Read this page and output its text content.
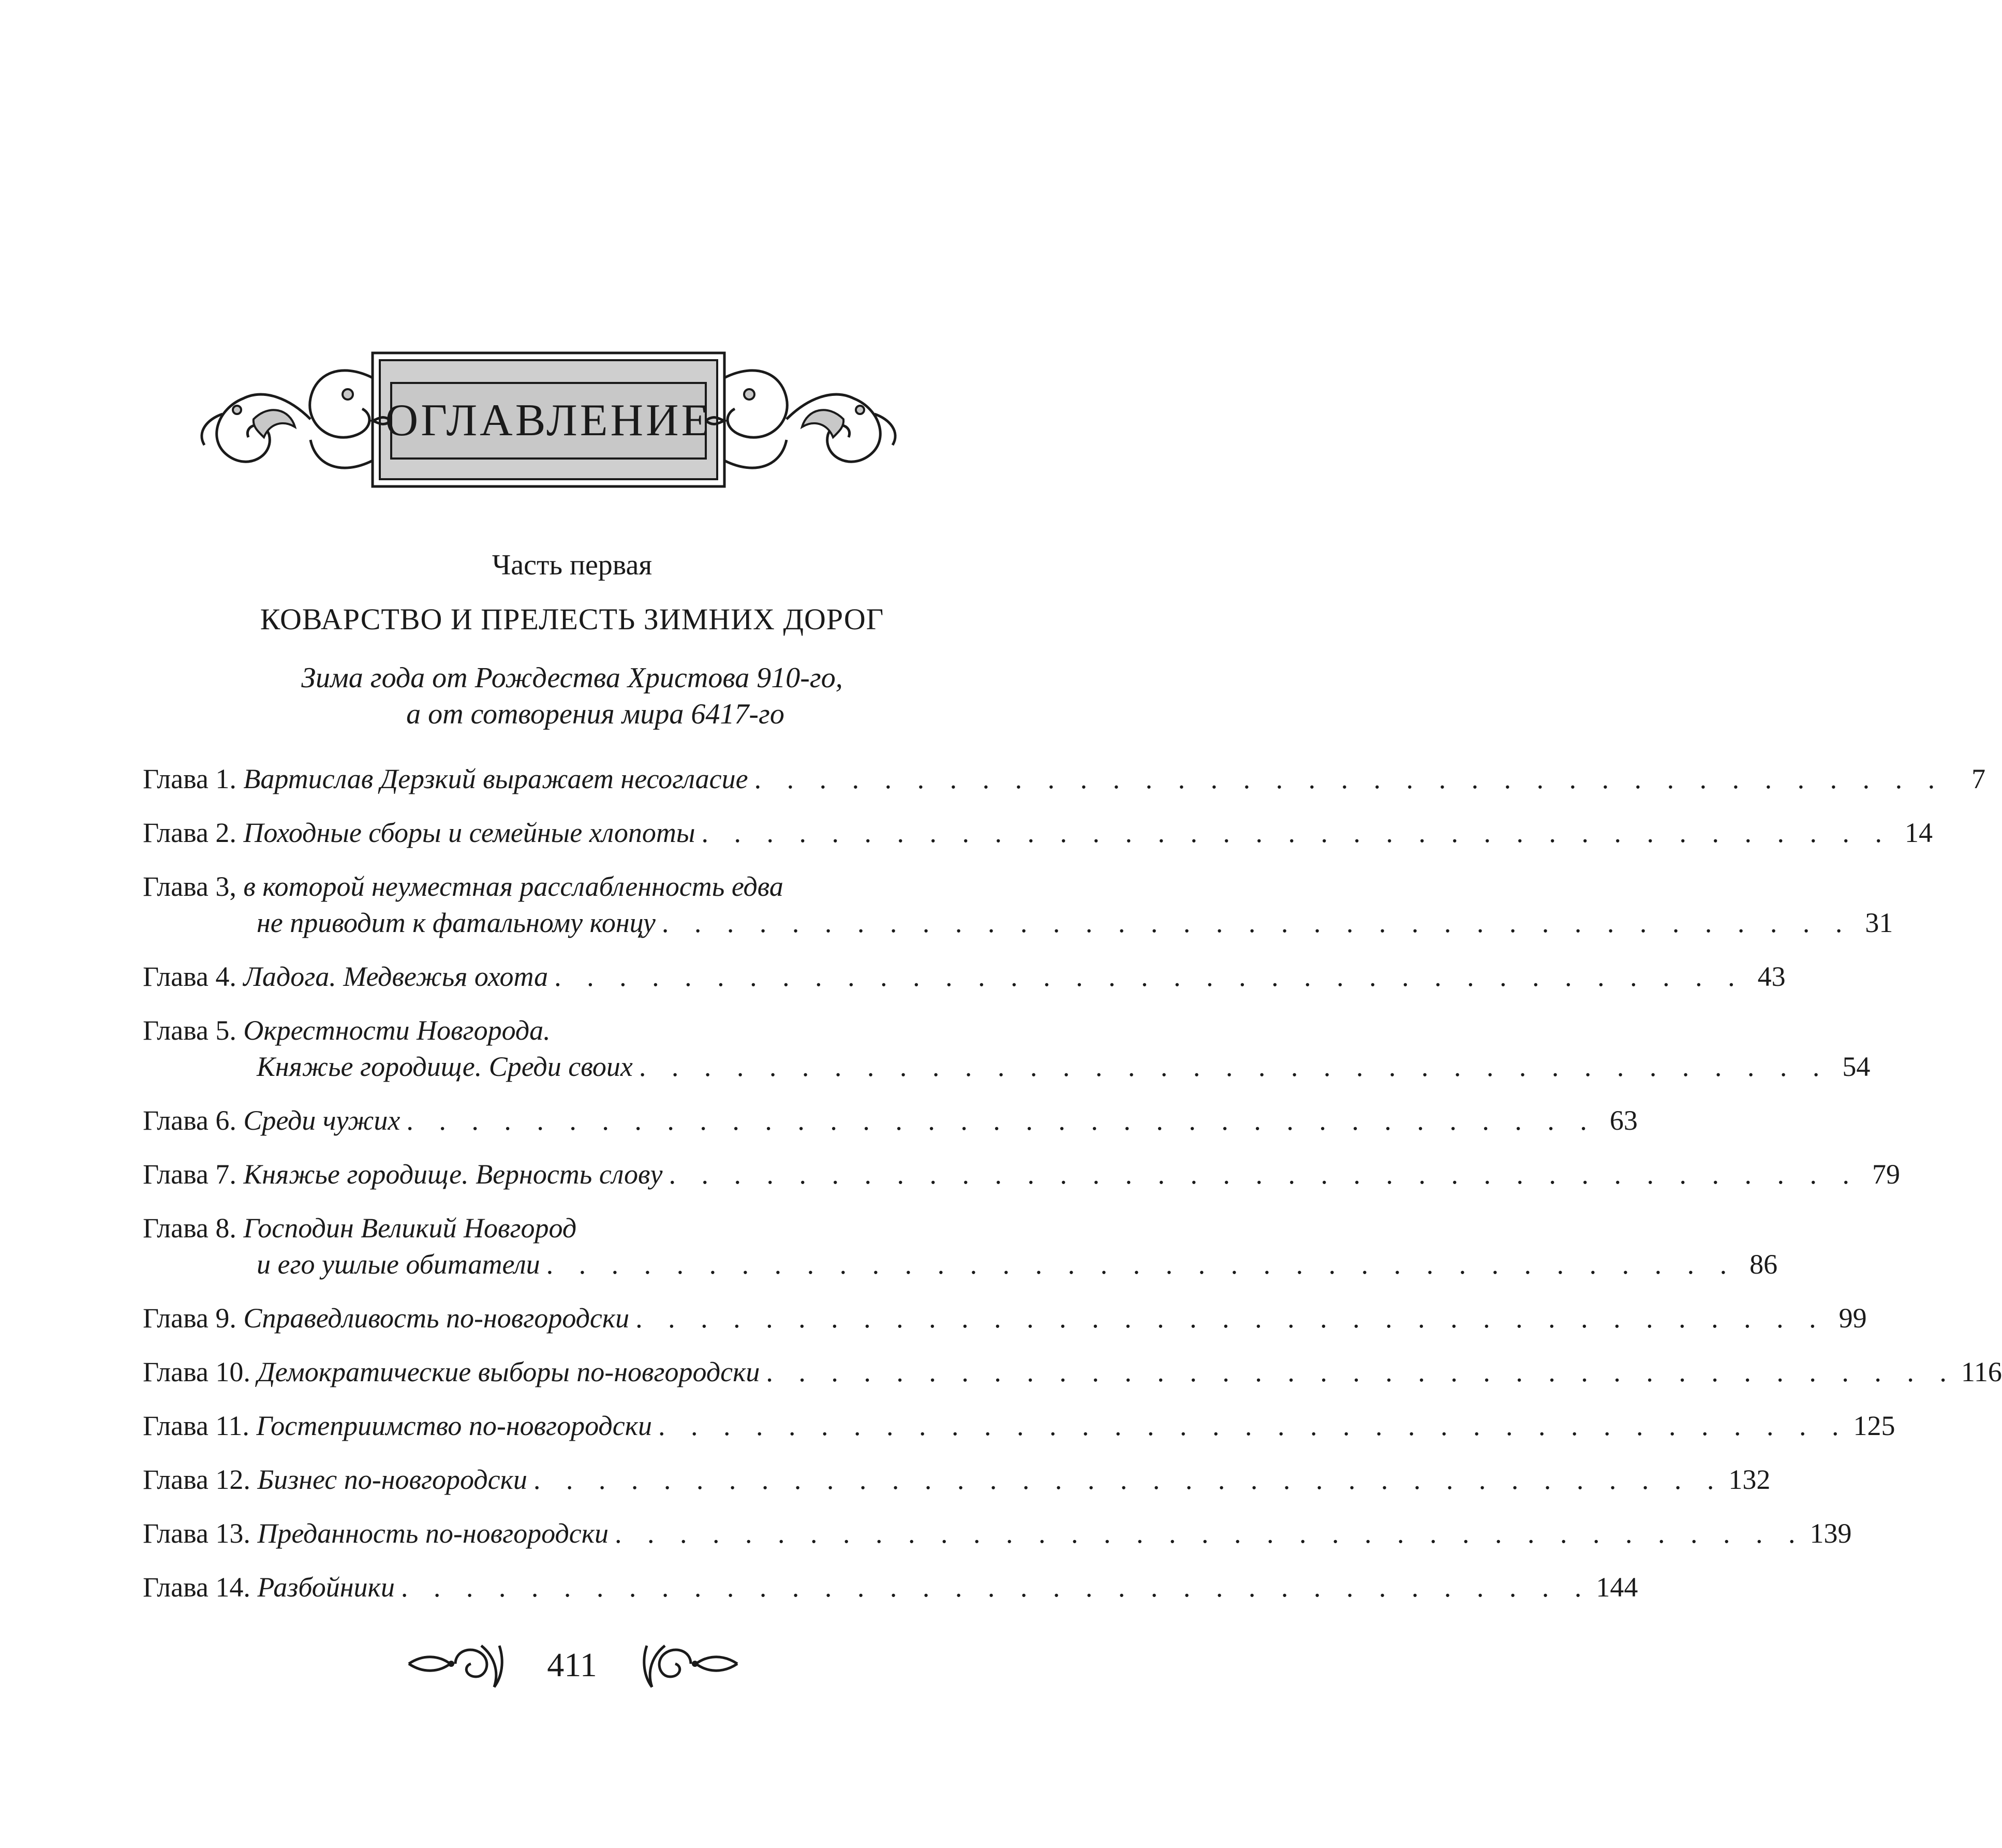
ОГЛАВЛЕНИЕ
Часть первая
КОВАРСТВО И ПРЕЛЕСТЬ ЗИМНИХ ДОРОГ
Зима года от Рождества Христова 910-го,
а от сотворения мира 6417-го
Глава 1.
Вартислав Дерзкий выражает несогласие . . . . . . . . . . . . . . . . . . . . . . . . . . . . . . . . . . . . . 7
Глава 2.
Походные сборы и семейные хлопоты . . . . . . . . . . . . . . . . . . . . . . . . . . . . . . . . . . . . . 14
Глава 3,
в которой неуместная расслабленность едва
не приводит к фатальному концу . . . . . . . . . . . . . . . . . . . . . . . . . . . . . . . . . . . . . 31
Глава 4.
Ладога. Медвежья охота . . . . . . . . . . . . . . . . . . . . . . . . . . . . . . . . . . . . . 43
Глава 5.
Окрестности Новгорода.
Княжье городище. Среди своих . . . . . . . . . . . . . . . . . . . . . . . . . . . . . . . . . . . . . 54
Глава 6.
Среди чужих . . . . . . . . . . . . . . . . . . . . . . . . . . . . . . . . . . . . . 63
Глава 7.
Княжье городище. Верность слову . . . . . . . . . . . . . . . . . . . . . . . . . . . . . . . . . . . . . 79
Глава 8.
Господин Великий Новгород
и его ушлые обитатели . . . . . . . . . . . . . . . . . . . . . . . . . . . . . . . . . . . . . 86
Глава 9.
Справедливость по-новгородски . . . . . . . . . . . . . . . . . . . . . . . . . . . . . . . . . . . . . 99
Глава 10.
Демократические выборы по-новгородски . . . . . . . . . . . . . . . . . . . . . . . . . . . . . . . . . . . . . 116
Глава 11.
Гостеприимство по-новгородски . . . . . . . . . . . . . . . . . . . . . . . . . . . . . . . . . . . . . 125
Глава 12.
Бизнес по-новгородски . . . . . . . . . . . . . . . . . . . . . . . . . . . . . . . . . . . . . 132
Глава 13.
Преданность по-новгородски . . . . . . . . . . . . . . . . . . . . . . . . . . . . . . . . . . . . . 139
Глава 14.
Разбойники . . . . . . . . . . . . . . . . . . . . . . . . . . . . . . . . . . . . . 144
411
